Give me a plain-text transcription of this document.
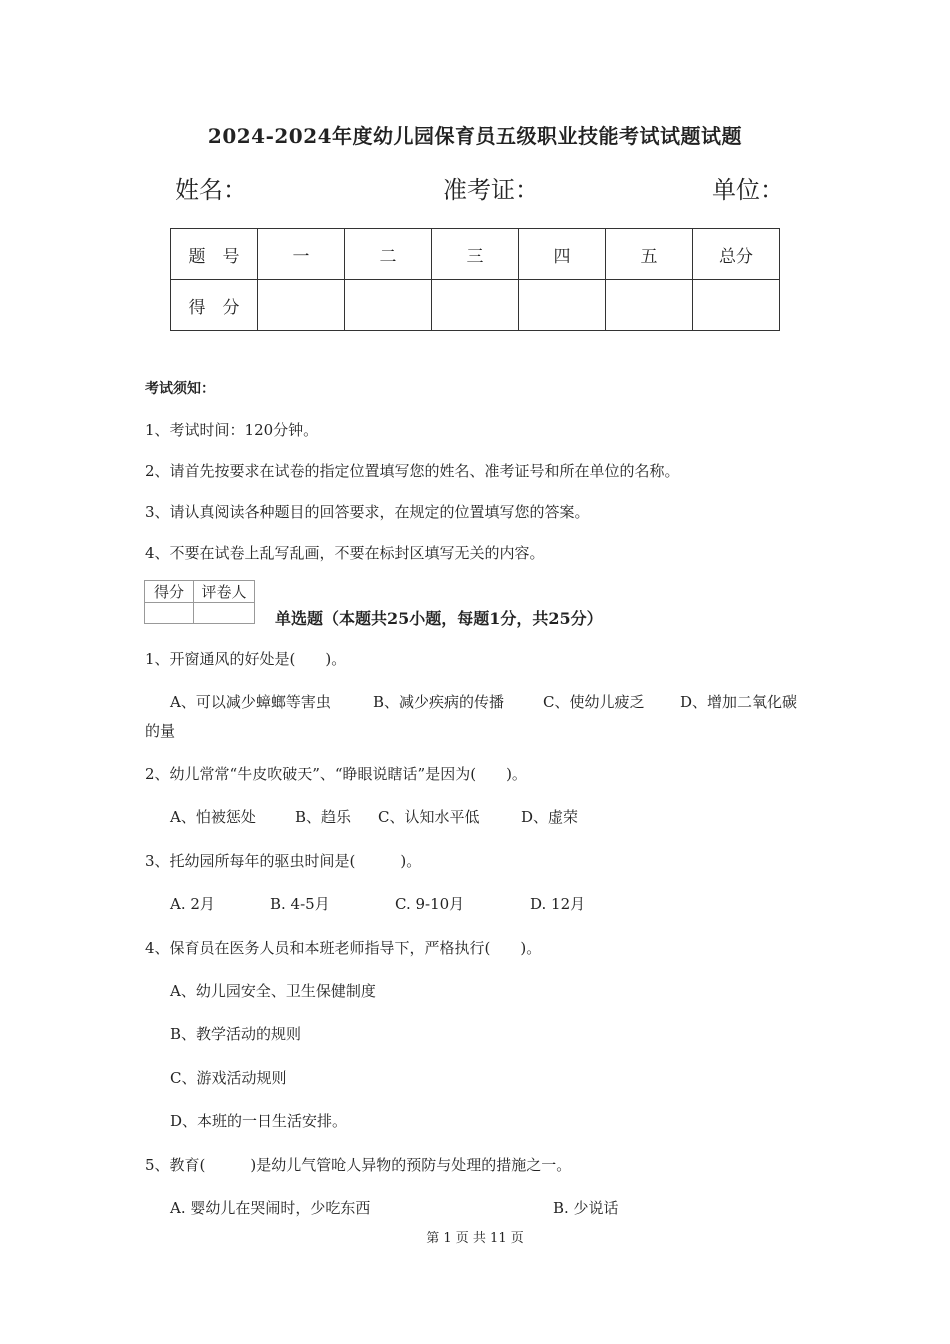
2024-2024年度幼儿园保育员五级职业技能考试试题试题
姓名：	准考证：	单位：
题　号	一	二	三	四	五	总分
得　分						
考试须知：
1、考试时间：120分钟。
2、请首先按要求在试卷的指定位置填写您的姓名、准考证号和所在单位的名称。
3、请认真阅读各种题目的回答要求，在规定的位置填写您的答案。
4、不要在试卷上乱写乱画，不要在标封区填写无关的内容。
得分	评卷人

单选题（本题共25小题，每题1分，共25分）
1、开窗通风的好处是(　　)。
A、可以减少蟑螂等害虫	B、减少疾病的传播	C、使幼儿疲乏 D、增加二氧化碳
的量
2、幼儿常常“牛皮吹破天”、“睁眼说瞎话”是因为(　　)。
A、怕被惩处	B、趋乐 C、认知水平低	D、虚荣
3、托幼园所每年的驱虫时间是(　　　)。
A. 2月	B. 4-5月	C. 9-10月	D. 12月
4、保育员在医务人员和本班老师指导下，严格执行(　　)。
A、幼儿园安全、卫生保健制度
B、教学活动的规则
C、游戏活动规则
D、本班的一日生活安排。
5、教育(　　　)是幼儿气管呛人异物的预防与处理的措施之一。
A. 婴幼儿在哭闹时，少吃东西	B. 少说话
第 1 页 共 11 页
